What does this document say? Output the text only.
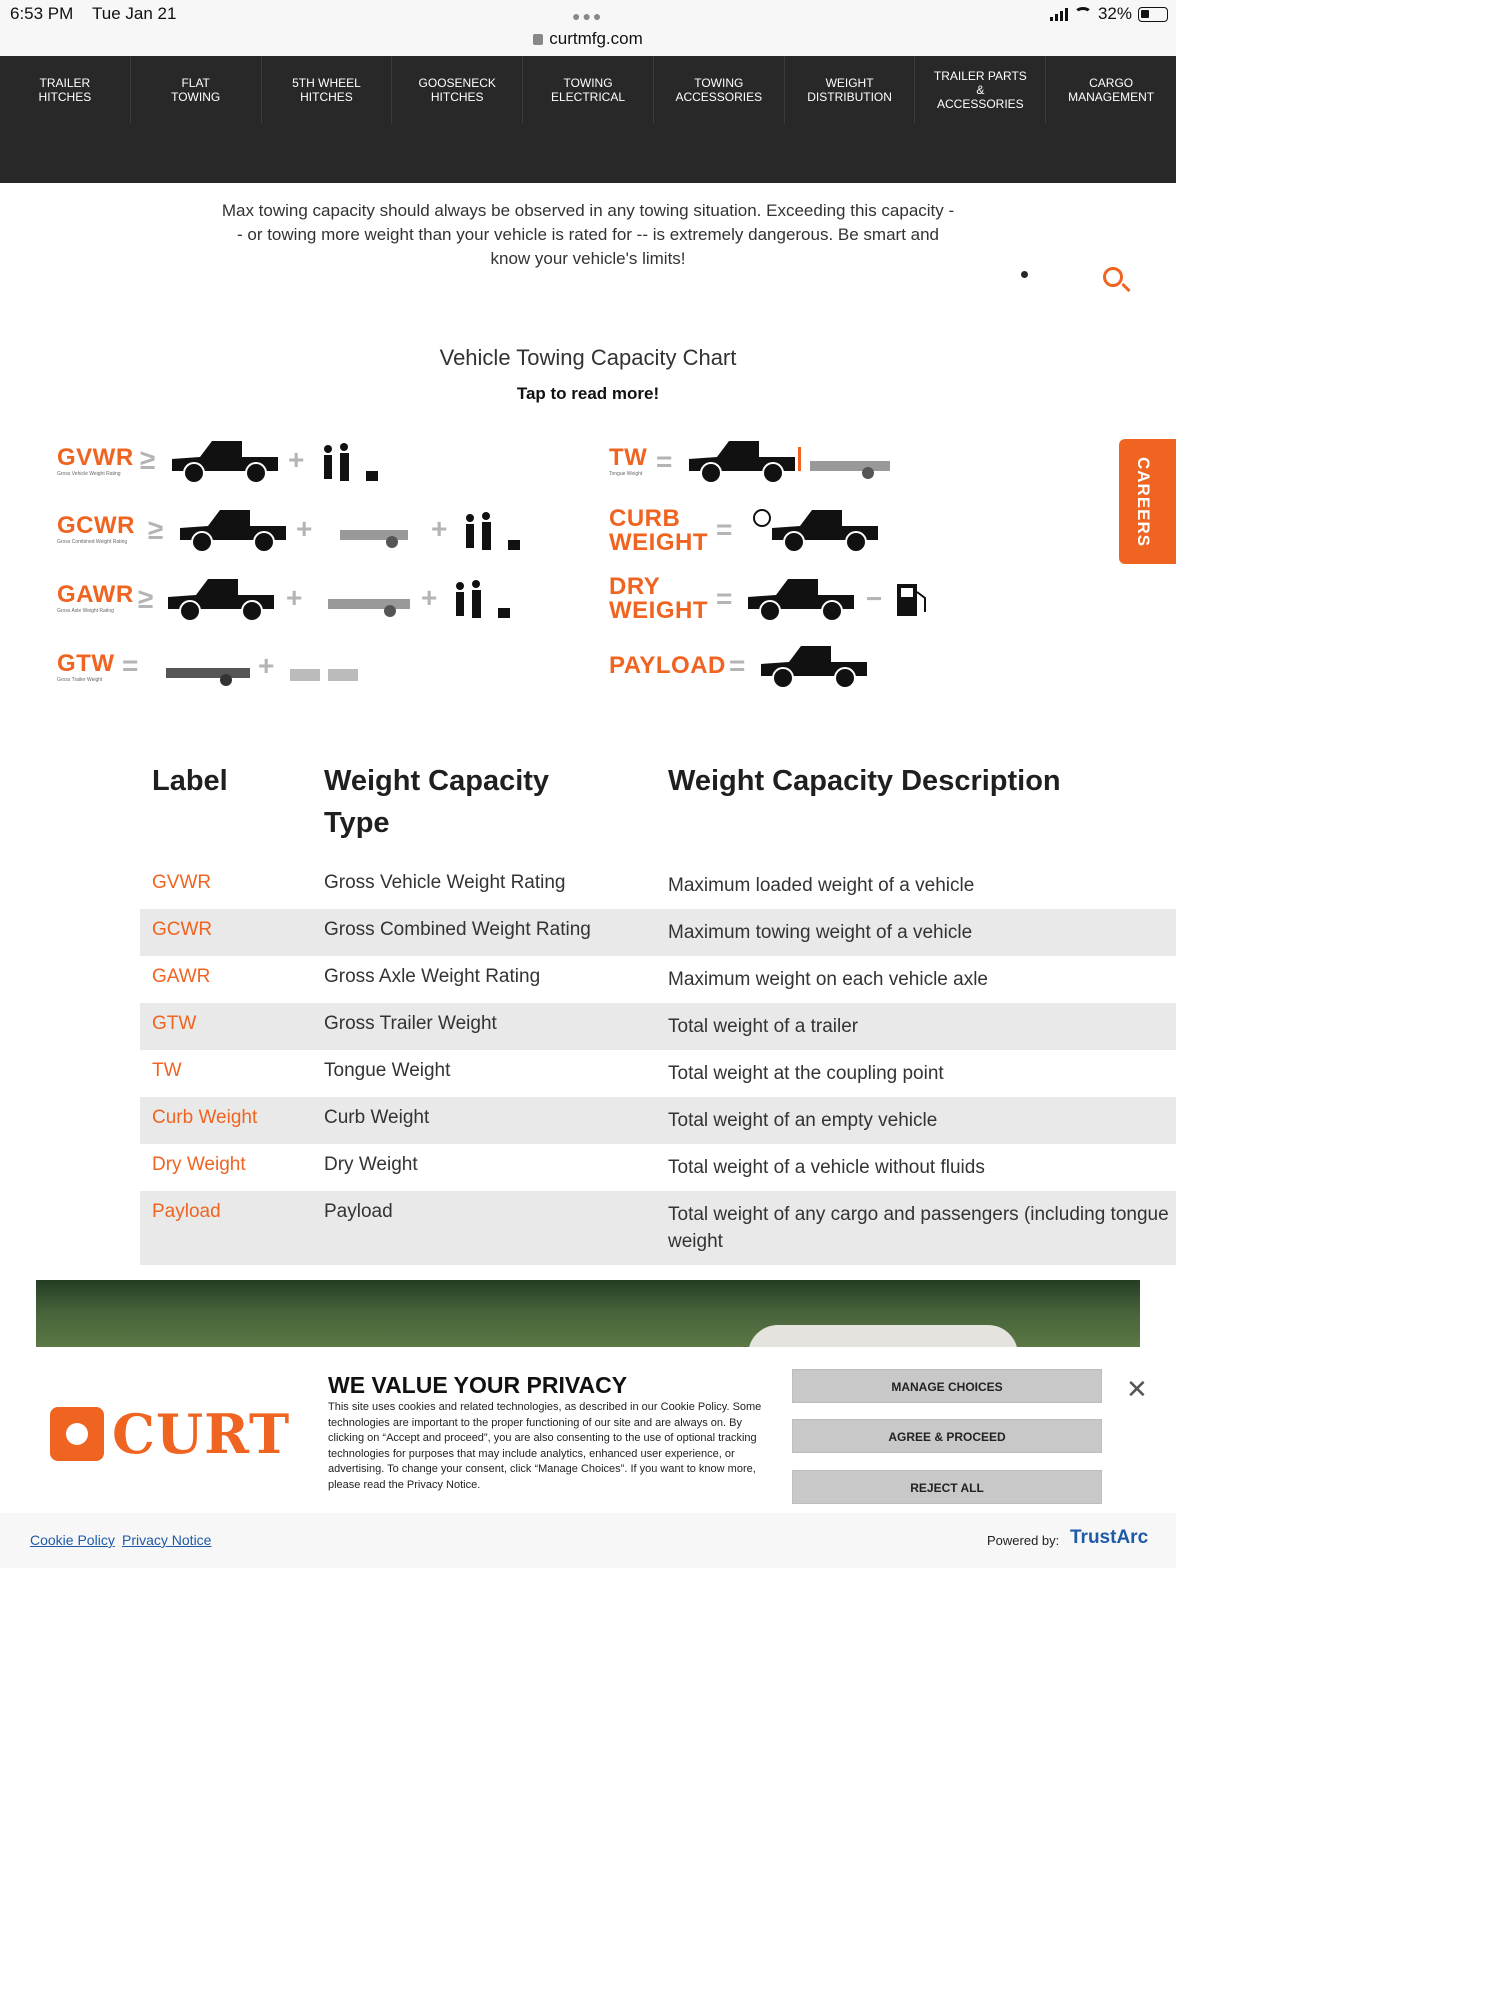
6:53 PM Tue Jan 21	●●●
curtmfg.com
32%
TRAILER
HITCHES
FLAT
TOWING
5TH WHEEL
HITCHES
GOOSENECK
HITCHES
TOWING
ELECTRICAL
TOWING
ACCESSORIES
WEIGHT
DISTRIBUTION
TRAILER PARTS
&
ACCESSORIES
CARGO
MANAGEMENT
⇥
Max towing capacity should always be observed in any towing situation. Exceeding this capacity -- or towing more weight than your vehicle is rated for -- is extremely dangerous. Be smart and know your vehicle's limits!
Vehicle Towing Capacity Chart
Tap to read more!
GVWR
Gross Vehicle Weight Rating ≥
GCWR
Gross Combined Weight Rating ≥
GAWR
Gross Axle Weight Rating ≥
GTW
Gross Trailer Weight =
TW
Tongue Weight =
CURB
WEIGHT =
DRY
WEIGHT =
PAYLOAD =
+
+	+
+	+
+
−
CAREERS
Label	Weight Capacity
Type
Weight Capacity Description
GVWR	Gross Vehicle Weight Rating	Maximum loaded weight of a vehicle
GCWR	Gross Combined Weight Rating	Maximum towing weight of a vehicle
GAWR	Gross Axle Weight Rating	Maximum weight on each vehicle axle
GTW	Gross Trailer Weight	Total weight of a trailer
TW	Tongue Weight	Total weight at the coupling point
Curb Weight	Curb Weight	Total weight of an empty vehicle
Dry Weight	Dry Weight	Total weight of a vehicle without fluids
Payload	Payload	Total weight of any cargo and passengers (including tongue weight
CURT
WE VALUE YOUR PRIVACY
This site uses cookies and related technologies, as described in our Cookie Policy. Some technologies are important to the proper functioning of our site and are always on. By clicking on “Accept and proceed”, you are also consenting to the use of optional tracking technologies for purposes that may include analytics, enhanced user experience, or advertising. To change your consent, click “Manage Choices”. If you want to know more, please read the Privacy Notice.
MANAGE CHOICES
AGREE & PROCEED
REJECT ALL
✕
Cookie Policy Privacy Notice	Powered by: TrustArc
